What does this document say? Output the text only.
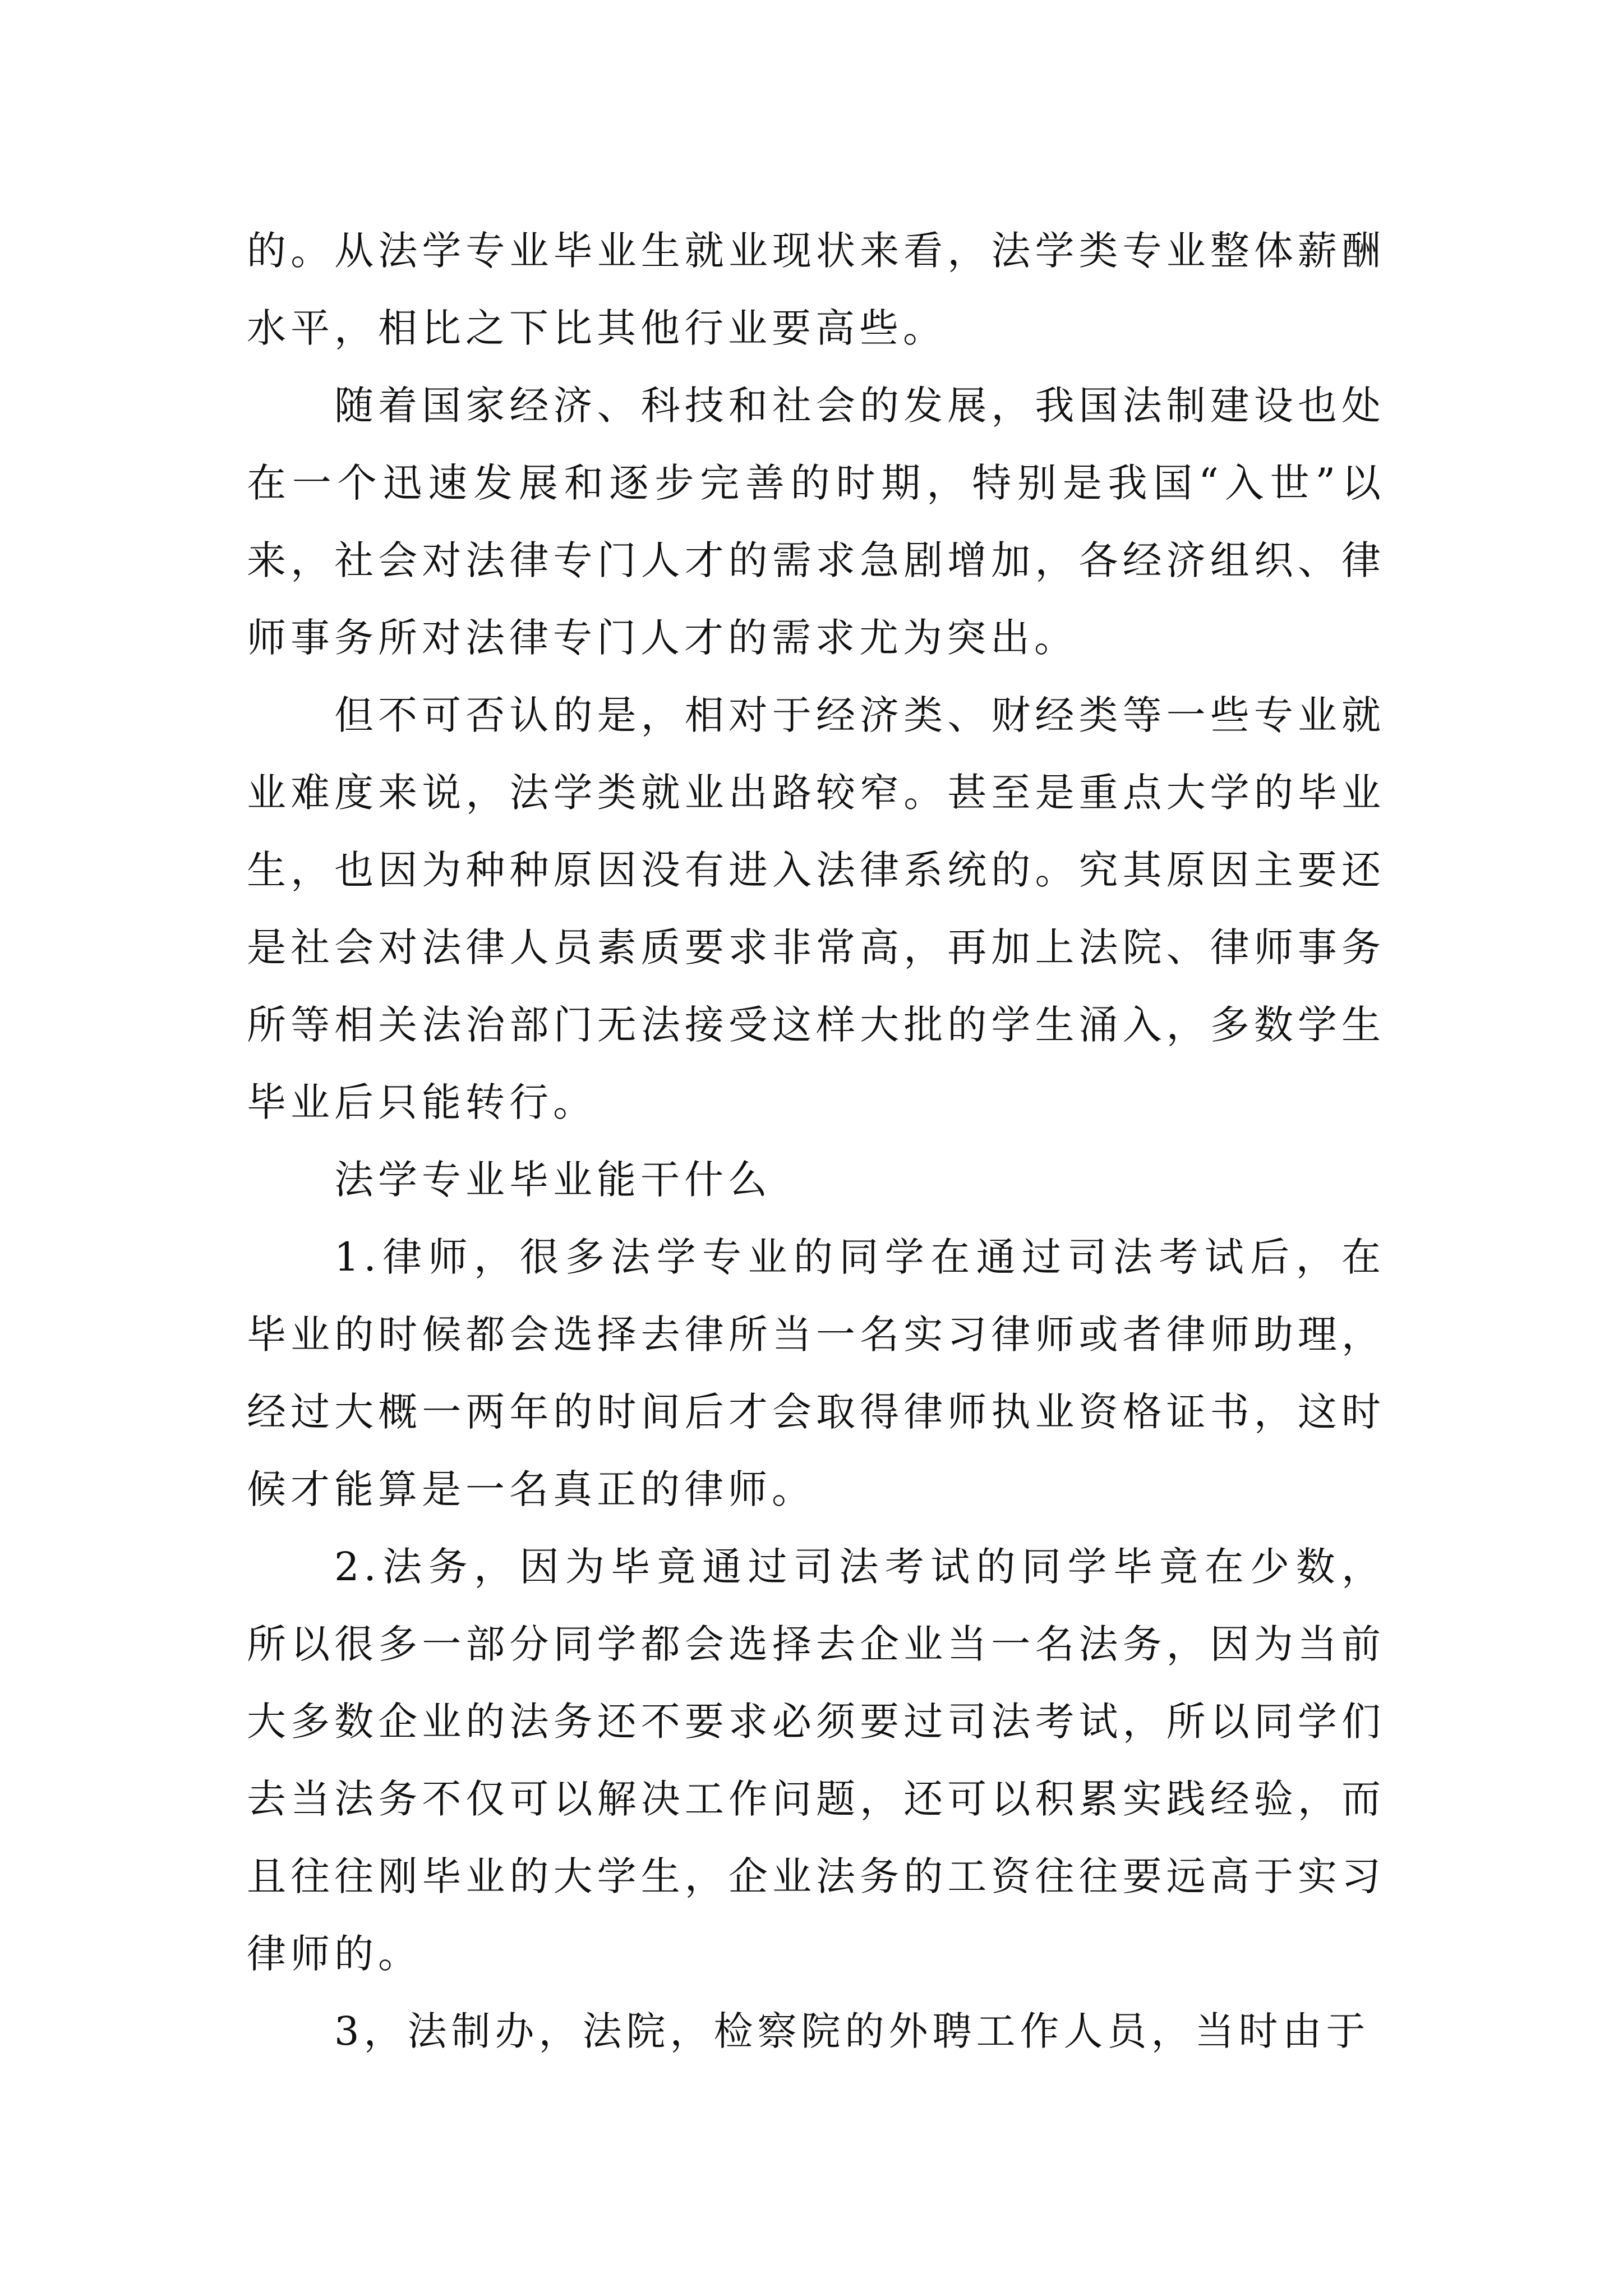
的。从法学专业毕业生就业现状来看，法学类专业整体薪酬水平，相比之下比其他行业要高些。

随着国家经济、科技和社会的发展，我国法制建设也处在一个迅速发展和逐步完善的时期，特别是我国“入世”以来，社会对法律专门人才的需求急剧增加，各经济组织、律师事务所对法律专门人才的需求尤为突出。

但不可否认的是，相对于经济类、财经类等一些专业就业难度来说，法学类就业出路较窄。甚至是重点大学的毕业生，也因为种种原因没有进入法律系统的。究其原因主要还是社会对法律人员素质要求非常高，再加上法院、律师事务所等相关法治部门无法接受这样大批的学生涌入，多数学生毕业后只能转行。

法学专业毕业能干什么

1.律师，很多法学专业的同学在通过司法考试后，在毕业的时候都会选择去律所当一名实习律师或者律师助理，经过大概一两年的时间后才会取得律师执业资格证书，这时候才能算是一名真正的律师。

2.法务，因为毕竟通过司法考试的同学毕竟在少数，所以很多一部分同学都会选择去企业当一名法务，因为当前大多数企业的法务还不要求必须要过司法考试，所以同学们去当法务不仅可以解决工作问题，还可以积累实践经验，而且往往刚毕业的大学生，企业法务的工资往往要远高于实习律师的。

3，法制办，法院，检察院的外聘工作人员，当时由于
